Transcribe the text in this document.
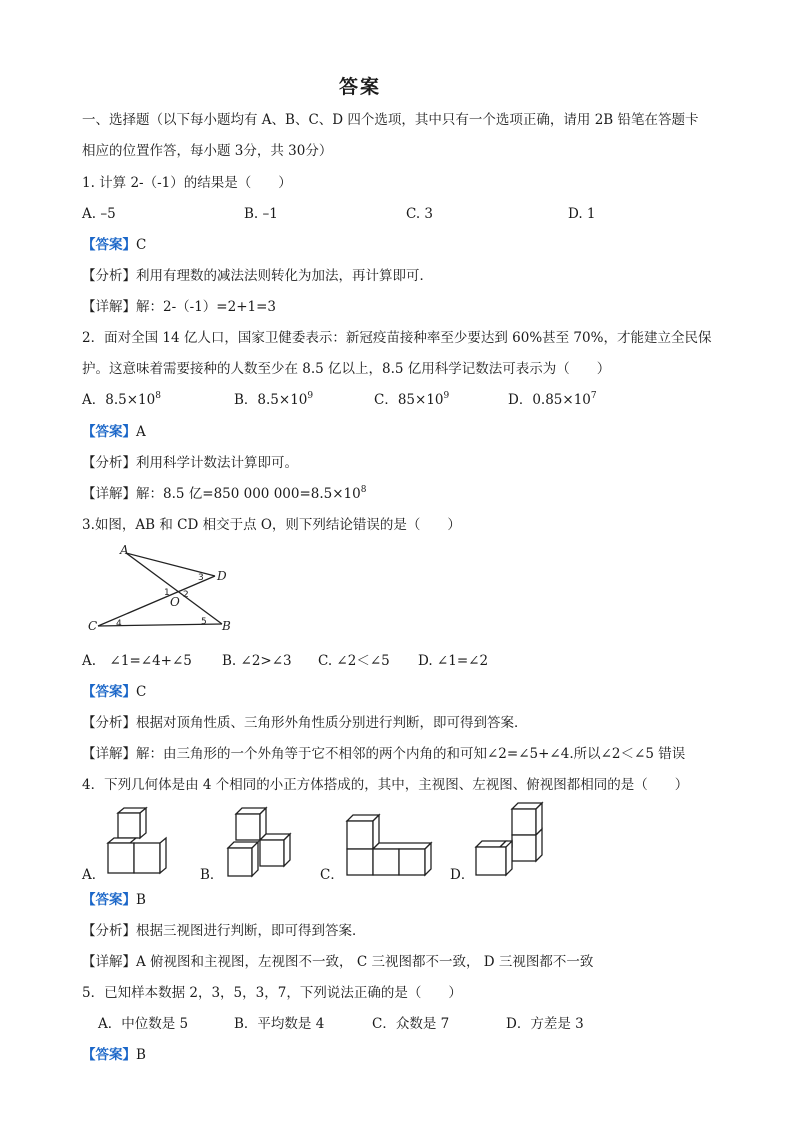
答案
一、选择题（以下每小题均有 A、B、C、D 四个选项，其中只有一个选项正确，请用 2B 铅笔在答题卡
相应的位置作答，每小题 3分，共 30分）
1. 计算 2-（-1）的结果是（　　）
A. –5	B. –1	C. 3	D. 1
【答案】C
【分析】利用有理数的减法法则转化为加法，再计算即可．
【详解】解：2-（-1）=2+1=3
2．面对全国 14 亿人口，国家卫健委表示：新冠疫苗接种率至少要达到 60%甚至 70%，才能建立全民保
护。这意味着需要接种的人数至少在 8.5 亿以上，8.5 亿用科学记数法可表示为（　　）
A．$8.5\times 10^8$	B．$8.5\times 10^9$	C．$85\times 10^9$	D．$0.85\times 10^7$
【答案】A
【分析】利用科学计数法计算即可。
【详解】解：8.5 亿=850 000 $000=8.5\times 10^8$
3.如图，AB 和 CD 相交于点 O，则下列结论错误的是（　　）
A
D
C	B
O
1 2
3
4	5
A.　∠1=∠4+∠5 B. ∠2>∠3 C. ∠2＜∠5 D. ∠1=∠2
【答案】C
【分析】根据对顶角性质、三角形外角性质分别进行判断，即可得到答案．
【详解】解：由三角形的一个外角等于它不相邻的两个内角的和可知∠2=∠5+∠4.所以∠2＜∠5 错误
4．下列几何体是由 4 个相同的小正方体搭成的，其中，主视图、左视图、俯视图都相同的是（　　）
A．	B．	C．	D．
【答案】B
【分析】根据三视图进行判断，即可得到答案．
【详解】A 俯视图和主视图，左视图不一致， C 三视图都不一致， D 三视图都不一致
5．已知样本数据 2，3，5，3，7，下列说法正确的是（　　）
A．中位数是 5	B．平均数是 4	C．众数是 7	D．方差是 3
【答案】B
